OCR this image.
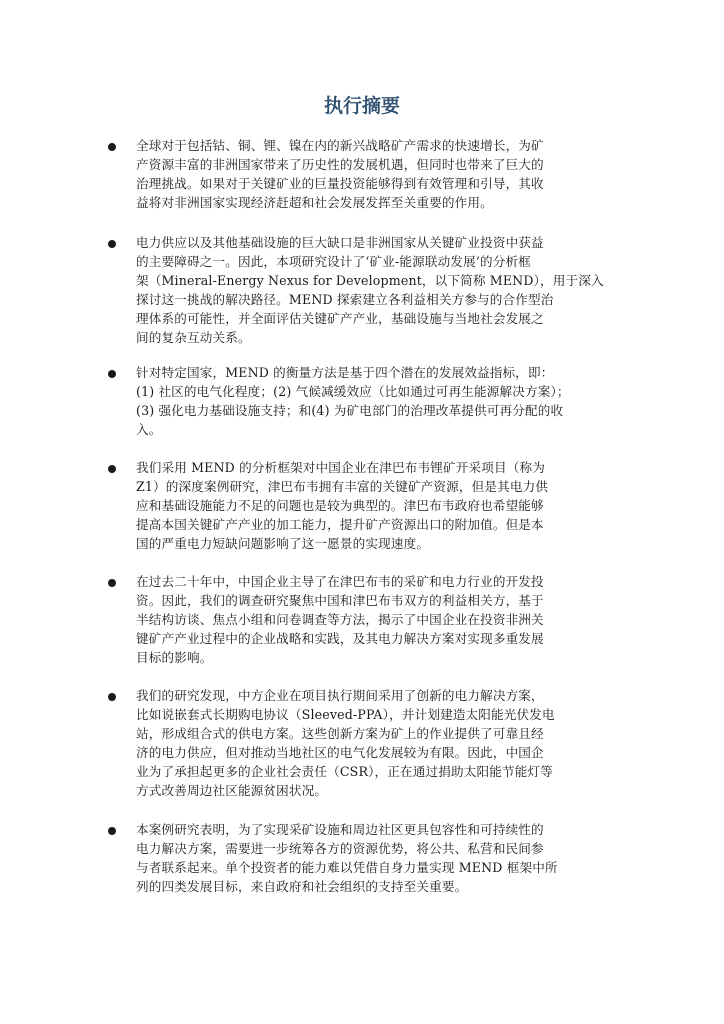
执行摘要

全球对于包括钴、铜、锂、镍在内的新兴战略矿产需求的快速增长，为矿
产资源丰富的非洲国家带来了历史性的发展机遇，但同时也带来了巨大的
治理挑战。如果对于关键矿业的巨量投资能够得到有效管理和引导，其收
益将对非洲国家实现经济赶超和社会发展发挥至关重要的作用。

电力供应以及其他基础设施的巨大缺口是非洲国家从关键矿业投资中获益
的主要障碍之一。因此，本项研究设计了‘矿业-能源联动发展’的分析框
架（Mineral-Energy Nexus for Development，以下简称 MEND），用于深入
探讨这一挑战的解决路径。MEND 探索建立各利益相关方参与的合作型治
理体系的可能性，并全面评估关键矿产产业，基础设施与当地社会发展之
间的复杂互动关系。

针对特定国家，MEND 的衡量方法是基于四个潜在的发展效益指标，即：
(1) 社区的电气化程度；(2) 气候减缓效应（比如通过可再生能源解决方案）；
(3) 强化电力基础设施支持；和(4) 为矿电部门的治理改革提供可再分配的收
入。

我们采用 MEND 的分析框架对中国企业在津巴布韦锂矿开采项目（称为
Z1）的深度案例研究，津巴布韦拥有丰富的关键矿产资源，但是其电力供
应和基础设施能力不足的问题也是较为典型的。津巴布韦政府也希望能够
提高本国关键矿产产业的加工能力，提升矿产资源出口的附加值。但是本
国的严重电力短缺问题影响了这一愿景的实现速度。

在过去二十年中，中国企业主导了在津巴布韦的采矿和电力行业的开发投
资。因此，我们的调查研究聚焦中国和津巴布韦双方的利益相关方，基于
半结构访谈、焦点小组和问卷调查等方法，揭示了中国企业在投资非洲关
键矿产产业过程中的企业战略和实践，及其电力解决方案对实现多重发展
目标的影响。

我们的研究发现，中方企业在项目执行期间采用了创新的电力解决方案，
比如说嵌套式长期购电协议（Sleeved-PPA），并计划建造太阳能光伏发电
站，形成组合式的供电方案。这些创新方案为矿上的作业提供了可靠且经
济的电力供应，但对推动当地社区的电气化发展较为有限。因此，中国企
业为了承担起更多的企业社会责任（CSR），正在通过捐助太阳能节能灯等
方式改善周边社区能源贫困状况。

本案例研究表明，为了实现采矿设施和周边社区更具包容性和可持续性的
电力解决方案，需要进一步统筹各方的资源优势，将公共、私营和民间参
与者联系起来。单个投资者的能力难以凭借自身力量实现 MEND 框架中所
列的四类发展目标，来自政府和社会组织的支持至关重要。
